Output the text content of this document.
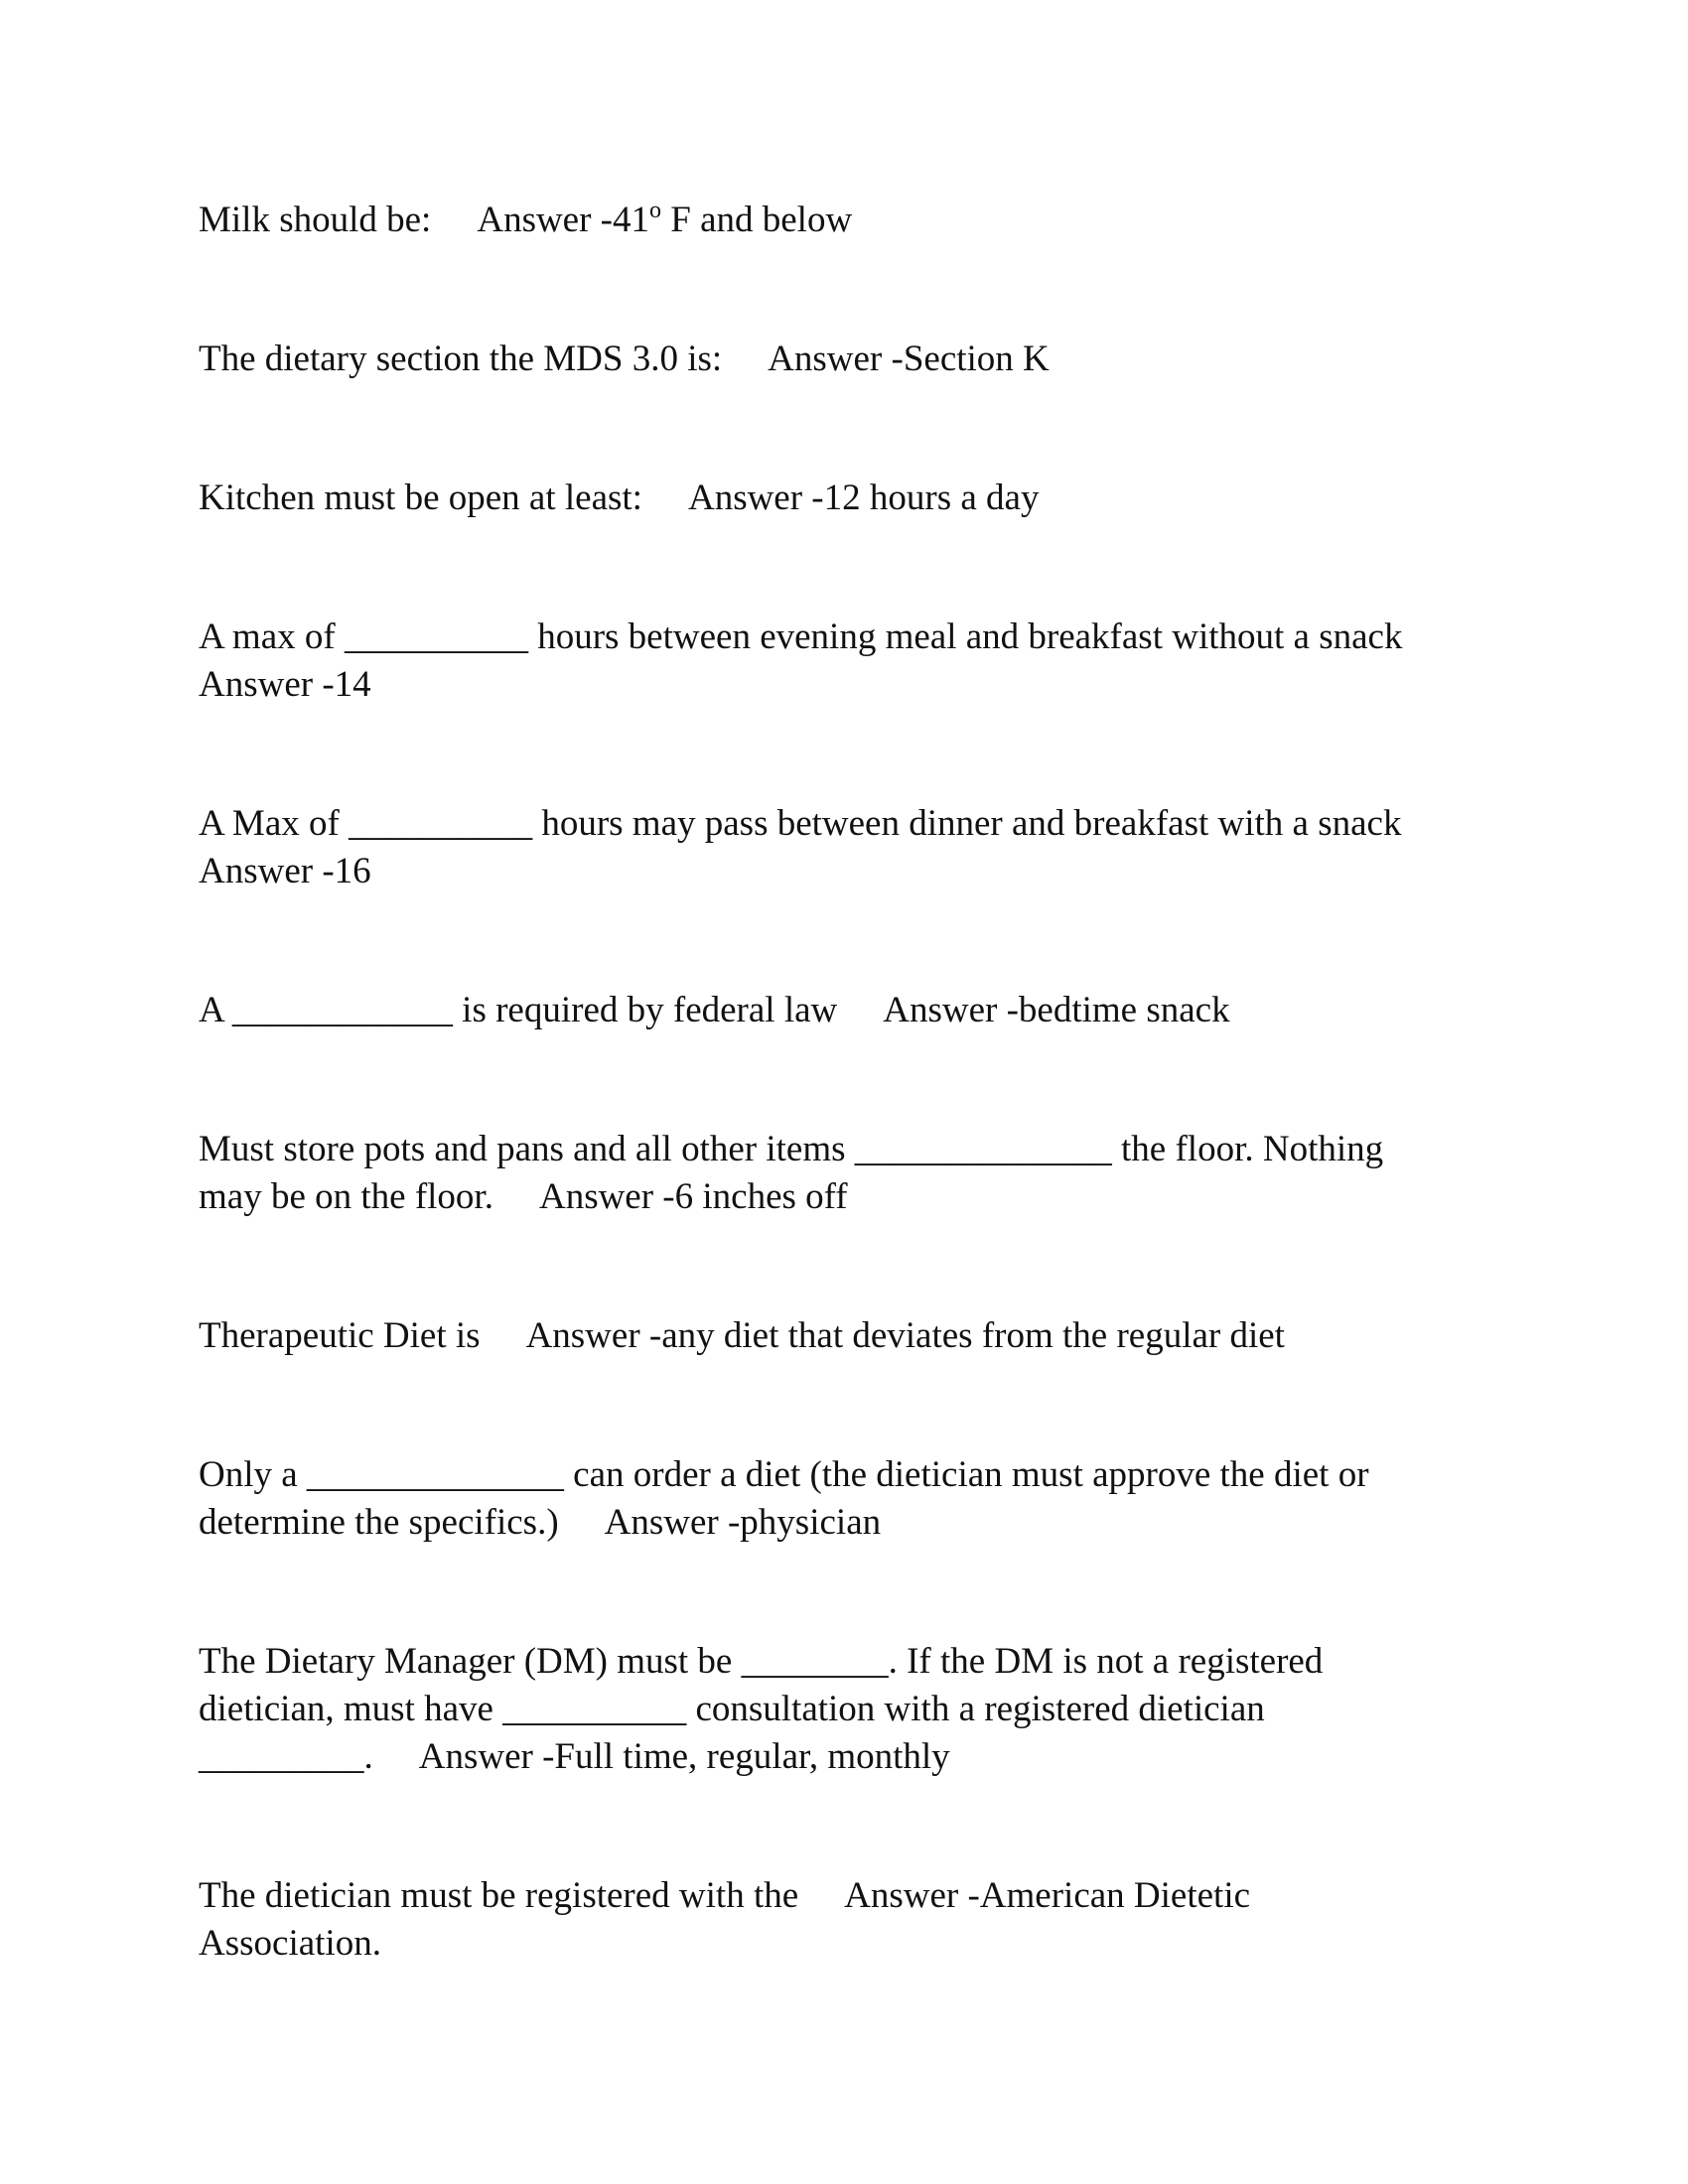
Milk should be: Answer -41$^o$ F and below
The dietary section the MDS 3.0 is: Answer -Section K
Kitchen must be open at least: Answer -12 hours a day
A max of __________ hours between evening meal and breakfast without a snack
Answer -14
A Max of __________ hours may pass between dinner and breakfast with a snack
Answer -16
A ____________ is required by federal law Answer -bedtime snack
Must store pots and pans and all other items ______________ the floor. Nothing
may be on the floor. Answer -6 inches off
Therapeutic Diet is Answer -any diet that deviates from the regular diet
Only a ______________ can order a diet (the dietician must approve the diet or
determine the specifics.) Answer -physician
The Dietary Manager (DM) must be ________. If the DM is not a registered
dietician, must have __________ consultation with a registered dietician
_________. Answer -Full time, regular, monthly
The dietician must be registered with the Answer -American Dietetic
Association.
